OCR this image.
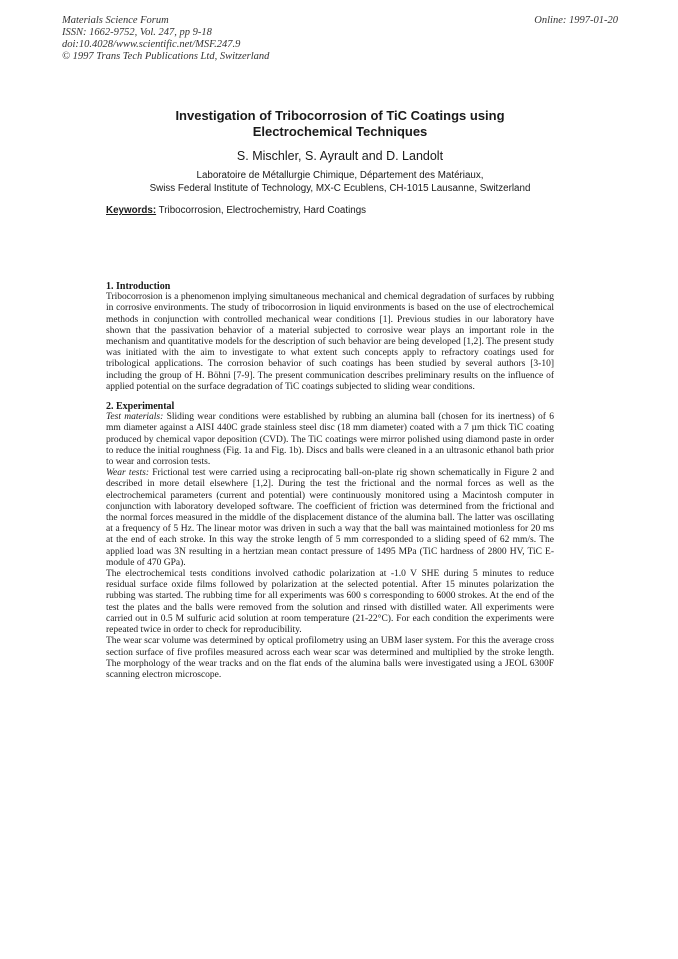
Materials Science Forum
ISSN: 1662-9752, Vol. 247, pp 9-18
doi:10.4028/www.scientific.net/MSF.247.9
© 1997 Trans Tech Publications Ltd, Switzerland
Online: 1997-01-20
Investigation of Tribocorrosion of TiC Coatings using
Electrochemical Techniques
S. Mischler, S. Ayrault and D. Landolt
Laboratoire de Métallurgie Chimique, Département des Matériaux,
Swiss Federal Institute of Technology, MX-C Ecublens, CH-1015 Lausanne, Switzerland
Keywords: Tribocorrosion, Electrochemistry, Hard Coatings
1. Introduction

Tribocorrosion is a phenomenon implying simultaneous mechanical and chemical degradation of surfaces by rubbing in corrosive environments. The study of tribocorrosion in liquid environments is based on the use of electrochemical methods in conjunction with controlled mechanical wear conditions [1]. Previous studies in our laboratory have shown that the passivation behavior of a material subjected to corrosive wear plays an important role in the mechanism and quantitative models for the description of such behavior are being developed [1,2]. The present study was initiated with the aim to investigate to what extent such concepts apply to refractory coatings used for tribological applications. The corrosion behavior of such coatings has been studied by several authors [3-10] including the group of H. Böhni [7-9]. The present communication describes preliminary results on the influence of applied potential on the surface degradation of TiC coatings subjected to sliding wear conditions.

2. Experimental

Test materials: Sliding wear conditions were established by rubbing an alumina ball (chosen for its inertness) of 6 mm diameter against a AISI 440C grade stainless steel disc (18 mm diameter) coated with a 7 µm thick TiC coating produced by chemical vapor deposition (CVD). The TiC coatings were mirror polished using diamond paste in order to reduce the initial roughness (Fig. 1a and Fig. 1b). Discs and balls were cleaned in a an ultrasonic ethanol bath prior to wear and corrosion tests.

Wear tests: Frictional test were carried using a reciprocating ball-on-plate rig shown schematically in Figure 2 and described in more detail elsewhere [1,2]. During the test the frictional and the normal forces as well as the electrochemical parameters (current and potential) were continuously monitored using a Macintosh computer in conjunction with laboratory developed software. The coefficient of friction was determined from the frictional and the normal forces measured in the middle of the displacement distance of the alumina ball. The latter was oscillating at a frequency of 5 Hz. The linear motor was driven in such a way that the ball was maintained motionless for 20 ms at the end of each stroke. In this way the stroke length of 5 mm corresponded to a sliding speed of 62 mm/s. The applied load was 3N resulting in a hertzian mean contact pressure of 1495 MPa (TiC hardness of 2800 HV, TiC E-module of 470 GPa).

The electrochemical tests conditions involved cathodic polarization at -1.0 V SHE during 5 minutes to reduce residual surface oxide films followed by polarization at the selected potential. After 15 minutes polarization the rubbing was started. The rubbing time for all experiments was 600 s corresponding to 6000 strokes. At the end of the test the plates and the balls were removed from the solution and rinsed with distilled water. All experiments were carried out in 0.5 M sulfuric acid solution at room temperature (21-22°C). For each condition the experiments were repeated twice in order to check for reproducibility.

The wear scar volume was determined by optical profilometry using an UBM laser system. For this the average cross section surface of five profiles measured across each wear scar was determined and multiplied by the stroke length. The morphology of the wear tracks and on the flat ends of the alumina balls were investigated using a JEOL 6300F scanning electron microscope.
